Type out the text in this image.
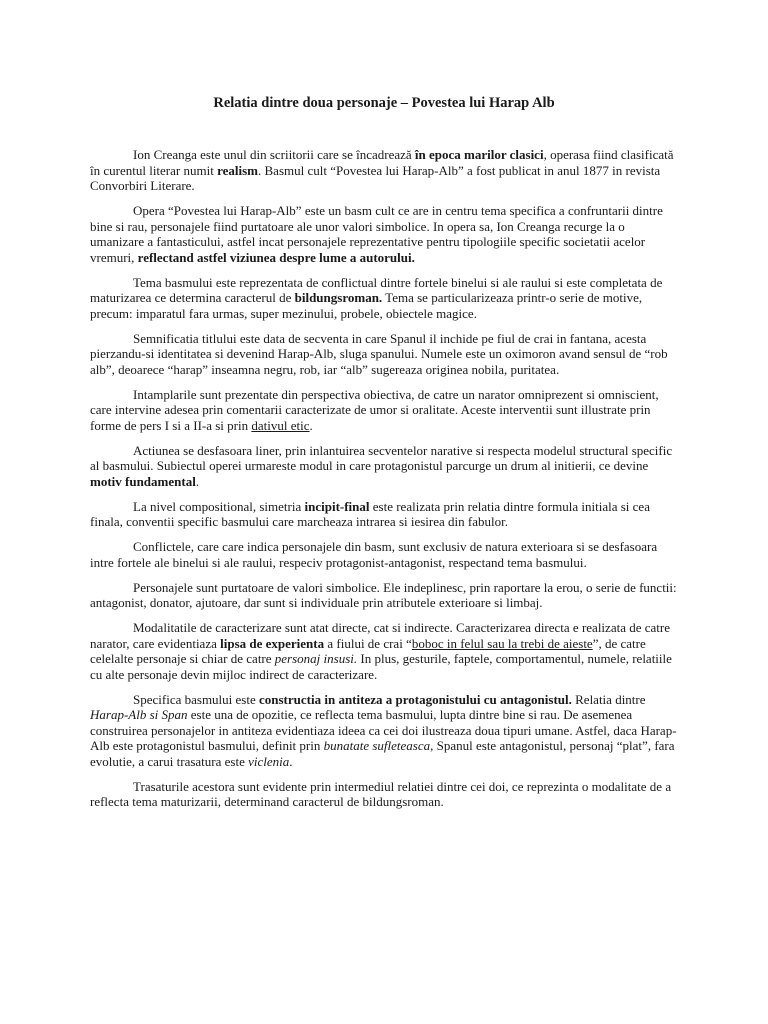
Relatia dintre doua personaje – Povestea lui Harap Alb
Ion Creanga este unul din scriitorii care se încadrează în epoca marilor clasici, operasa fiind clasificată în curentul literar numit realism. Basmul cult “Povestea lui Harap-Alb” a fost publicat in anul 1877 in revista Convorbiri Literare.
Opera “Povestea lui Harap-Alb” este un basm cult ce are in centru tema specifica a confruntarii dintre bine si rau, personajele fiind purtatoare ale unor valori simbolice. In opera sa, Ion Creanga recurge la o umanizare a fantasticului, astfel incat personajele reprezentative pentru tipologiile specific societatii acelor vremuri, reflectand astfel viziunea despre lume a autorului.
Tema basmului este reprezentata de conflictual dintre fortele binelui si ale raului si este completata de maturizarea ce determina caracterul de bildungsroman. Tema se particularizeaza printr-o serie de motive, precum: imparatul fara urmas, super mezinului, probele, obiectele magice.
Semnificatia titlului este data de secventa in care Spanul il inchide pe fiul de crai in fantana, acesta pierzandu-si identitatea si devenind Harap-Alb, sluga spanului. Numele este un oximoron avand sensul de “rob alb”, deoarece “harap” inseamna negru, rob, iar “alb” sugereaza originea nobila, puritatea.
Intamplarile sunt prezentate din perspectiva obiectiva, de catre un narator omniprezent si omniscient, care intervine adesea prin comentarii caracterizate de umor si oralitate. Aceste interventii sunt illustrate prin forme de pers I si a II-a si prin dativul etic.
Actiunea se desfasoara liner, prin inlantuirea secventelor narative si respecta modelul structural specific al basmului. Subiectul operei urmareste modul in care protagonistul parcurge un drum al initierii, ce devine motiv fundamental.
La nivel compositional, simetria incipit-final este realizata prin relatia dintre formula initiala si cea finala, conventii specific basmului care marcheaza intrarea si iesirea din fabulor.
Conflictele, care care indica personajele din basm, sunt exclusiv de natura exterioara si se desfasoara intre fortele ale binelui si ale raului, respeciv protagonist-antagonist, respectand tema basmului.
Personajele sunt purtatoare de valori simbolice. Ele indeplinesc, prin raportare la erou, o serie de functii: antagonist, donator, ajutoare, dar sunt si individuale prin atributele exterioare si limbaj.
Modalitatile de caracterizare sunt atat directe, cat si indirecte. Caracterizarea directa e realizata de catre narator, care evidentiaza lipsa de experienta a fiului de crai “boboc in felul sau la trebi de aieste”, de catre celelalte personaje si chiar de catre personaj insusi. In plus, gesturile, faptele, comportamentul, numele, relatiile cu alte personaje devin mijloc indirect de caracterizare.
Specifica basmului este constructia in antiteza a protagonistului cu antagonistul. Relatia dintre Harap-Alb si Span este una de opozitie, ce reflecta tema basmului, lupta dintre bine si rau. De asemenea construirea personajelor in antiteza evidentiaza ideea ca cei doi ilustreaza doua tipuri umane. Astfel, daca Harap-Alb este protagonistul basmului, definit prin bunatate sufleteasca, Spanul este antagonistul, personaj “plat”, fara evolutie, a carui trasatura este viclenia.
Trasaturile acestora sunt evidente prin intermediul relatiei dintre cei doi, ce reprezinta o modalitate de a reflecta tema maturizarii, determinand caracterul de bildungsroman.
